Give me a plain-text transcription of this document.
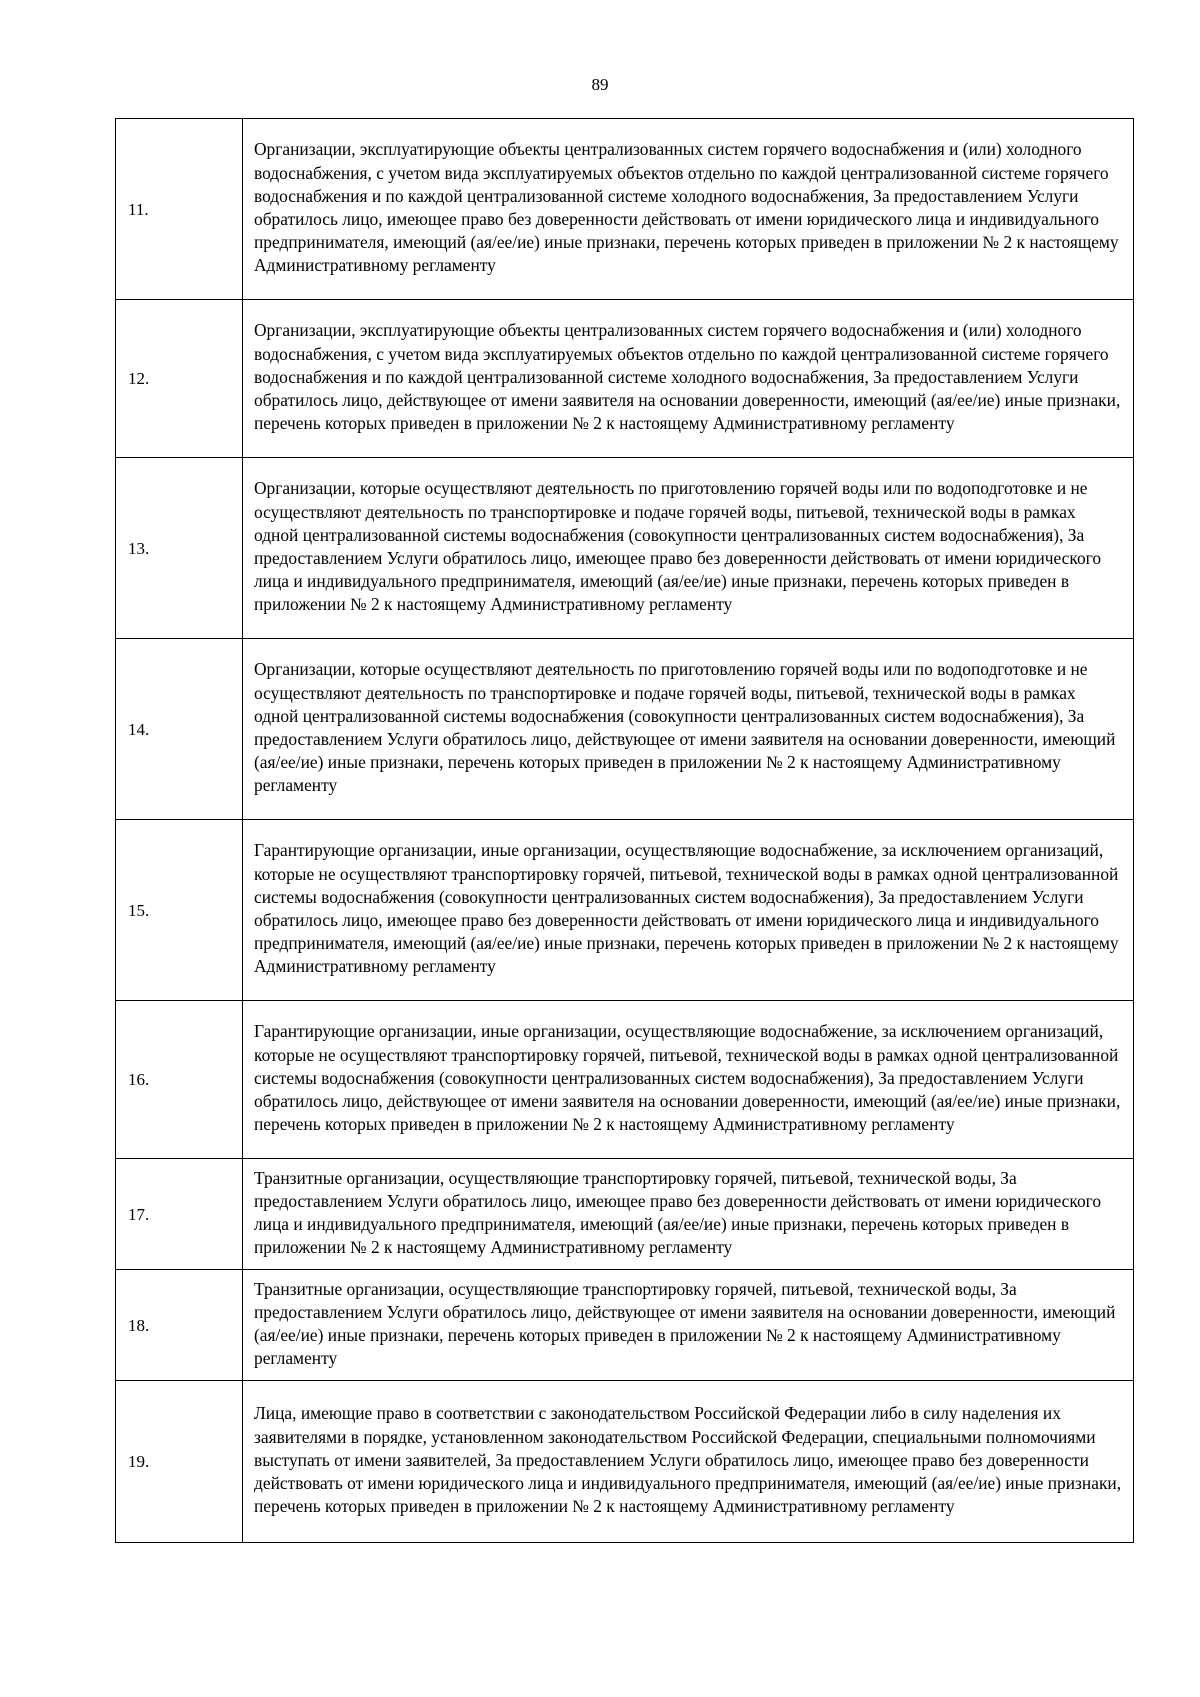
89
11.	Организации, эксплуатирующие объекты централизованных систем горячего водоснабжения и (или) холодного водоснабжения, с учетом вида эксплуатируемых объектов отдельно по каждой централизованной системе горячего водоснабжения и по каждой централизованной системе холодного водоснабжения, За предоставлением Услуги обратилось лицо, имеющее право без доверенности действовать от имени юридического лица и индивидуального предпринимателя, имеющий (ая/ее/ие) иные признаки, перечень которых приведен в приложении № 2 к настоящему Административному регламенту
12.	Организации, эксплуатирующие объекты централизованных систем горячего водоснабжения и (или) холодного водоснабжения, с учетом вида эксплуатируемых объектов отдельно по каждой централизованной системе горячего водоснабжения и по каждой централизованной системе холодного водоснабжения, За предоставлением Услуги обратилось лицо, действующее от имени заявителя на основании доверенности, имеющий (ая/ее/ие) иные признаки, перечень которых приведен в приложении № 2 к настоящему Административному регламенту
13.	Организации, которые осуществляют деятельность по приготовлению горячей воды или по водоподготовке и не осуществляют деятельность по транспортировке и подаче горячей воды, питьевой, технической воды в рамках одной централизованной системы водоснабжения (совокупности централизованных систем водоснабжения), За предоставлением Услуги обратилось лицо, имеющее право без доверенности действовать от имени юридического лица и индивидуального предпринимателя, имеющий (ая/ее/ие) иные признаки, перечень которых приведен в приложении № 2 к настоящему Административному регламенту
14.	Организации, которые осуществляют деятельность по приготовлению горячей воды или по водоподготовке и не осуществляют деятельность по транспортировке и подаче горячей воды, питьевой, технической воды в рамках одной централизованной системы водоснабжения (совокупности централизованных систем водоснабжения), За предоставлением Услуги обратилось лицо, действующее от имени заявителя на основании доверенности, имеющий (ая/ее/ие) иные признаки, перечень которых приведен в приложении № 2 к настоящему Административному регламенту
15.	Гарантирующие организации, иные организации, осуществляющие водоснабжение, за исключением организаций, которые не осуществляют транспортировку горячей, питьевой, технической воды в рамках одной централизованной системы водоснабжения (совокупности централизованных систем водоснабжения), За предоставлением Услуги обратилось лицо, имеющее право без доверенности действовать от имени юридического лица и индивидуального предпринимателя, имеющий (ая/ее/ие) иные признаки, перечень которых приведен в приложении № 2 к настоящему Административному регламенту
16.	Гарантирующие организации, иные организации, осуществляющие водоснабжение, за исключением организаций, которые не осуществляют транспортировку горячей, питьевой, технической воды в рамках одной централизованной системы водоснабжения (совокупности централизованных систем водоснабжения), За предоставлением Услуги обратилось лицо, действующее от имени заявителя на основании доверенности, имеющий (ая/ее/ие) иные признаки, перечень которых приведен в приложении № 2 к настоящему Административному регламенту
17.	Транзитные организации, осуществляющие транспортировку горячей, питьевой, технической воды, За предоставлением Услуги обратилось лицо, имеющее право без доверенности действовать от имени юридического лица и индивидуального предпринимателя, имеющий (ая/ее/ие) иные признаки, перечень которых приведен в приложении № 2 к настоящему Административному регламенту
18.	Транзитные организации, осуществляющие транспортировку горячей, питьевой, технической воды, За предоставлением Услуги обратилось лицо, действующее от имени заявителя на основании доверенности, имеющий (ая/ее/ие) иные признаки, перечень которых приведен в приложении № 2 к настоящему Административному регламенту
19.	Лица, имеющие право в соответствии с законодательством Российской Федерации либо в силу наделения их заявителями в порядке, установленном законодательством Российской Федерации, специальными полномочиями выступать от имени заявителей, За предоставлением Услуги обратилось лицо, имеющее право без доверенности действовать от имени юридического лица и индивидуального предпринимателя, имеющий (ая/ее/ие) иные признаки, перечень которых приведен в приложении № 2 к настоящему Административному регламенту
